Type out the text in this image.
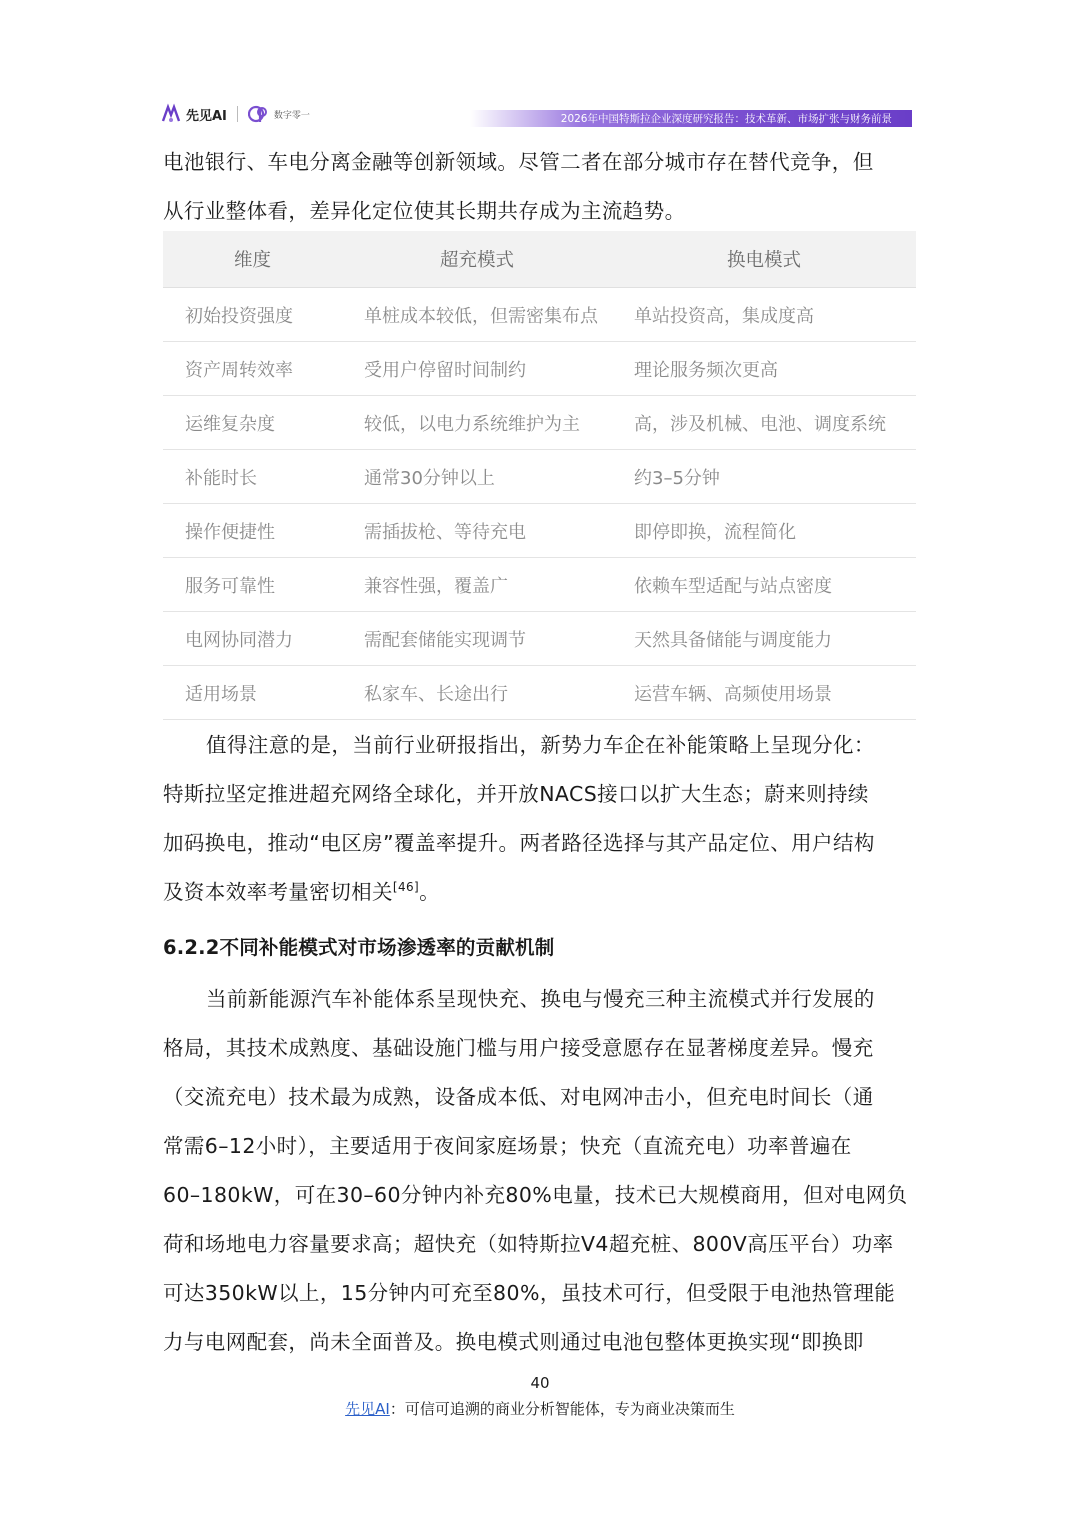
先见AI	数字零一	2026年中国特斯拉企业深度研究报告：技术革新、市场扩张与财务前景

电池银行、车电分离金融等创新领域。尽管二者在部分城市存在替代竞争，但

从行业整体看，差异化定位使其长期共存成为主流趋势。

维度	超充模式	换电模式
初始投资强度	单桩成本较低，但需密集布点	单站投资高，集成度高
资产周转效率	受用户停留时间制约	理论服务频次更高
运维复杂度	较低，以电力系统维护为主	高，涉及机械、电池、调度系统
补能时长	通常30分钟以上	约3–5分钟
操作便捷性	需插拔枪、等待充电	即停即换，流程简化
服务可靠性	兼容性强，覆盖广	依赖车型适配与站点密度
电网协同潜力	需配套储能实现调节	天然具备储能与调度能力
适用场景	私家车、长途出行	运营车辆、高频使用场景

值得注意的是，当前行业研报指出，新势力车企在补能策略上呈现分化：

特斯拉坚定推进超充网络全球化，并开放NACS接口以扩大生态；蔚来则持续

加码换电，推动“电区房”覆盖率提升。两者路径选择与其产品定位、用户结构

及资本效率考量密切相关[46]。

6.2.2不同补能模式对市场渗透率的贡献机制

当前新能源汽车补能体系呈现快充、换电与慢充三种主流模式并行发展的

格局，其技术成熟度、基础设施门槛与用户接受意愿存在显著梯度差异。慢充

（交流充电）技术最为成熟，设备成本低、对电网冲击小，但充电时间长（通

常需6–12小时），主要适用于夜间家庭场景；快充（直流充电）功率普遍在

60–180kW，可在30–60分钟内补充80%电量，技术已大规模商用，但对电网负

荷和场地电力容量要求高；超快充（如特斯拉V4超充桩、800V高压平台）功率

可达350kW以上，15分钟内可充至80%，虽技术可行，但受限于电池热管理能

力与电网配套，尚未全面普及。换电模式则通过电池包整体更换实现“即换即

40
先见AI：可信可追溯的商业分析智能体，专为商业决策而生
